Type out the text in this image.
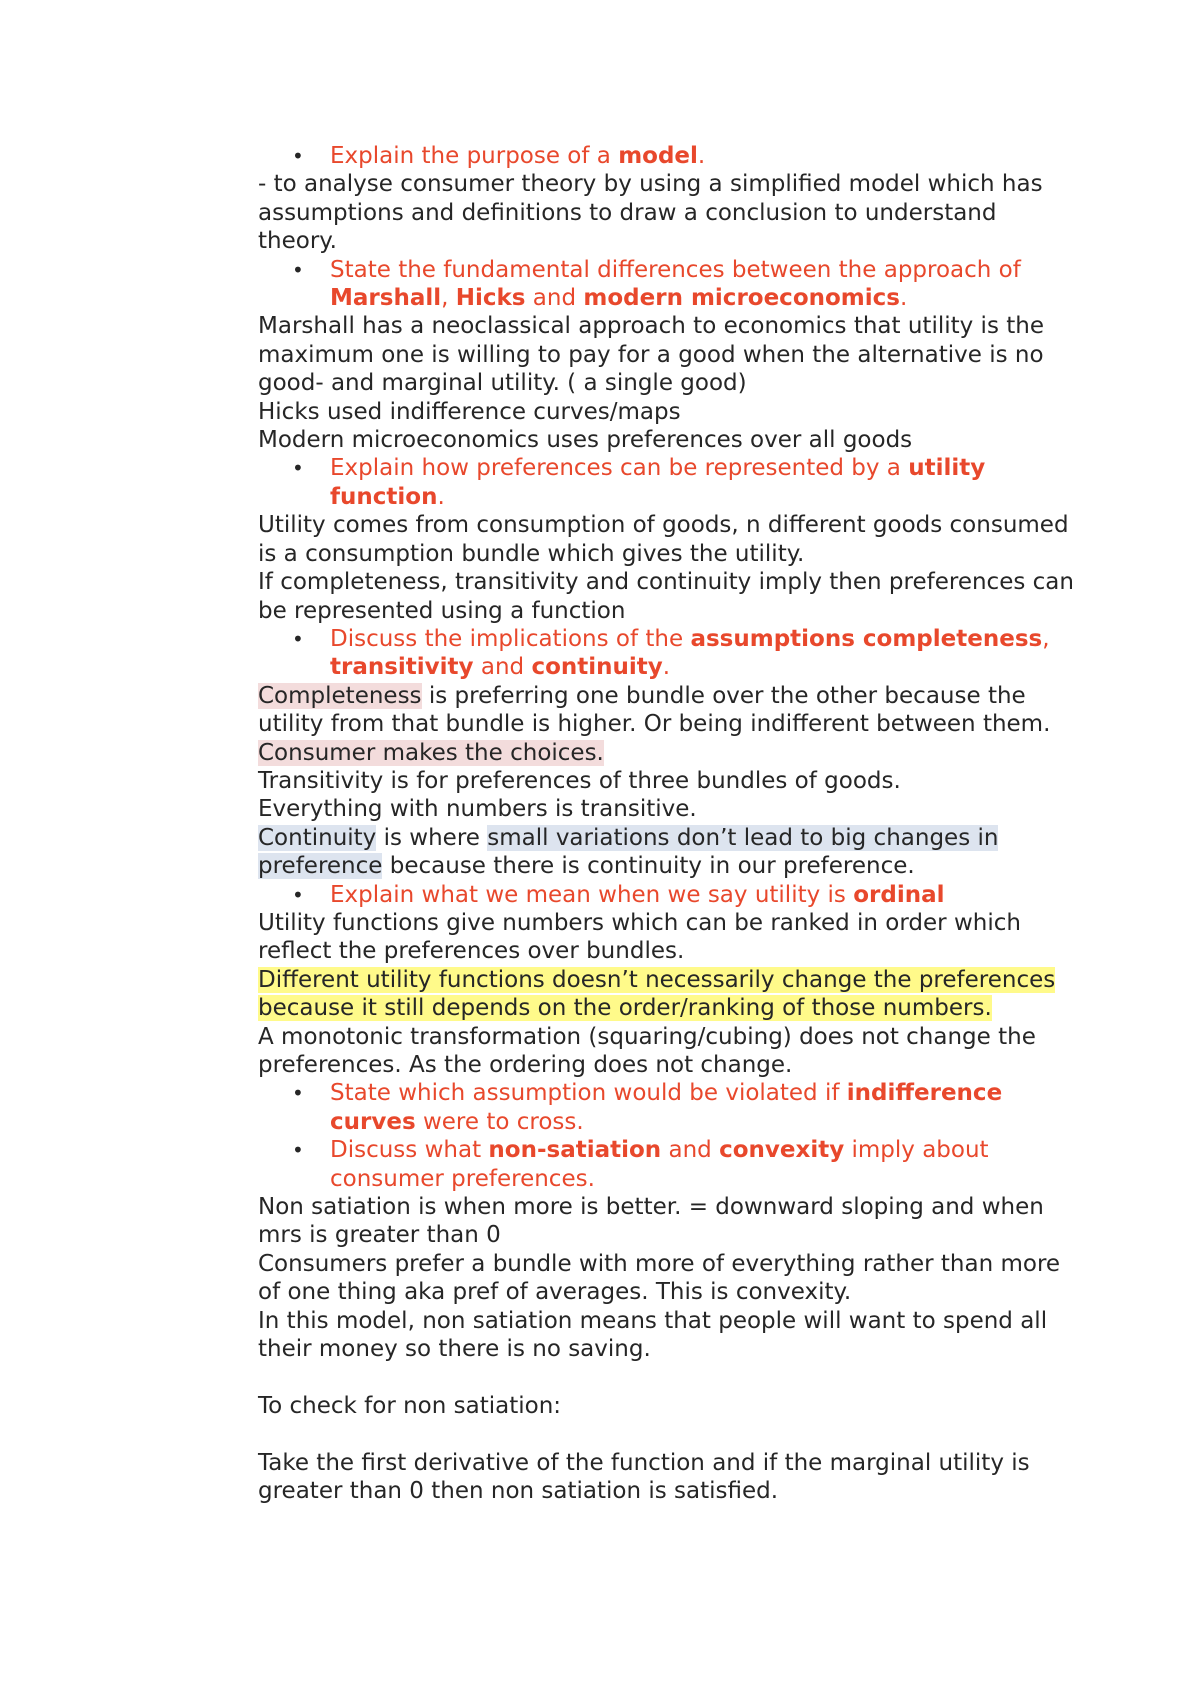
• Explain the purpose of a model.

- to analyse consumer theory by using a simplified model which has assumptions and definitions to draw a conclusion to understand theory.

• State the fundamental differences between the approach of Marshall, Hicks and modern microeconomics.

Marshall has a neoclassical approach to economics that utility is the maximum one is willing to pay for a good when the alternative is no good- and marginal utility. ( a single good)

Hicks used indifference curves/maps

Modern microeconomics uses preferences over all goods

• Explain how preferences can be represented by a utility function.

Utility comes from consumption of goods, n different goods consumed is a consumption bundle which gives the utility.

If completeness, transitivity and continuity imply then preferences can be represented using a function

• Discuss the implications of the assumptions completeness, transitivity and continuity.

Completeness is preferring one bundle over the other because the utility from that bundle is higher. Or being indifferent between them. Consumer makes the choices.

Transitivity is for preferences of three bundles of goods.

Everything with numbers is transitive.

Continuity is where small variations don’t lead to big changes in preference because there is continuity in our preference.

• Explain what we mean when we say utility is ordinal

Utility functions give numbers which can be ranked in order which reflect the preferences over bundles.

Different utility functions doesn’t necessarily change the preferences because it still depends on the order/ranking of those numbers.

A monotonic transformation (squaring/cubing) does not change the preferences. As the ordering does not change.

• State which assumption would be violated if indifference curves were to cross.
• Discuss what non-satiation and convexity imply about consumer preferences.

Non satiation is when more is better. = downward sloping and when mrs is greater than 0

Consumers prefer a bundle with more of everything rather than more of one thing aka pref of averages. This is convexity.

In this model, non satiation means that people will want to spend all their money so there is no saving.

To check for non satiation:

Take the first derivative of the function and if the marginal utility is greater than 0 then non satiation is satisfied.
